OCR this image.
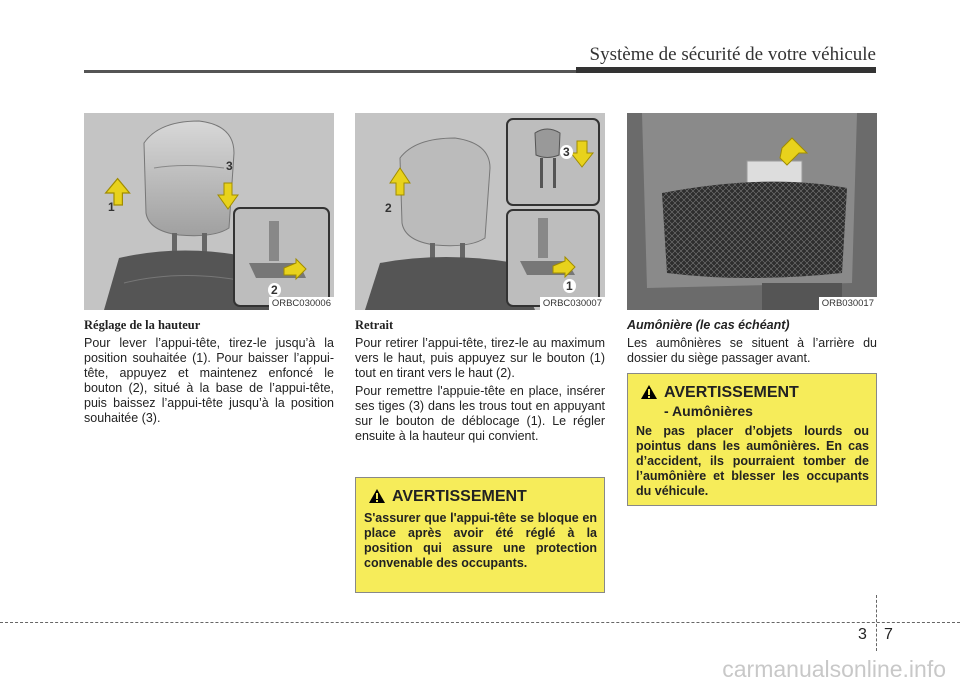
Système de sécurité de votre véhicule
1
2
3
ORBC030006
1
2
3
ORBC030007	ORB030017
Réglage de la hauteur

Pour lever l’appui-tête, tirez-le jusqu’à la position souhaitée (1). Pour baisser l’appui-tête, appuyez et maintenez enfoncé le bouton (2), situé à la base de l’appui-tête, puis baissez l’appui-tête jusqu’à la position souhaitée (3).

Retrait

Pour retirer l’appui-tête, tirez-le au maximum vers le haut, puis appuyez sur le bouton (1) tout en tirant vers le haut (2).

Pour remettre l'appuie-tête en place, insérer ses tiges (3) dans les trous tout en appuyant sur le bouton de déblocage (1). Le régler ensuite à la hauteur qui convient.

Aumônière (le cas échéant)

Les aumônières se situent à l’arrière du dossier du siège passager avant.

AVERTISSEMENT
S'assurer que l'appui-tête se bloque en place après avoir été réglé à la position qui assure une protection convenable des occupants.
AVERTISSEMENT
- Aumônières
Ne pas placer d’objets lourds ou pointus dans les aumônières. En cas d’accident, ils pourraient tomber de l’aumônière et blesser les occupants du véhicule.
3 7
carmanualsonline.info
